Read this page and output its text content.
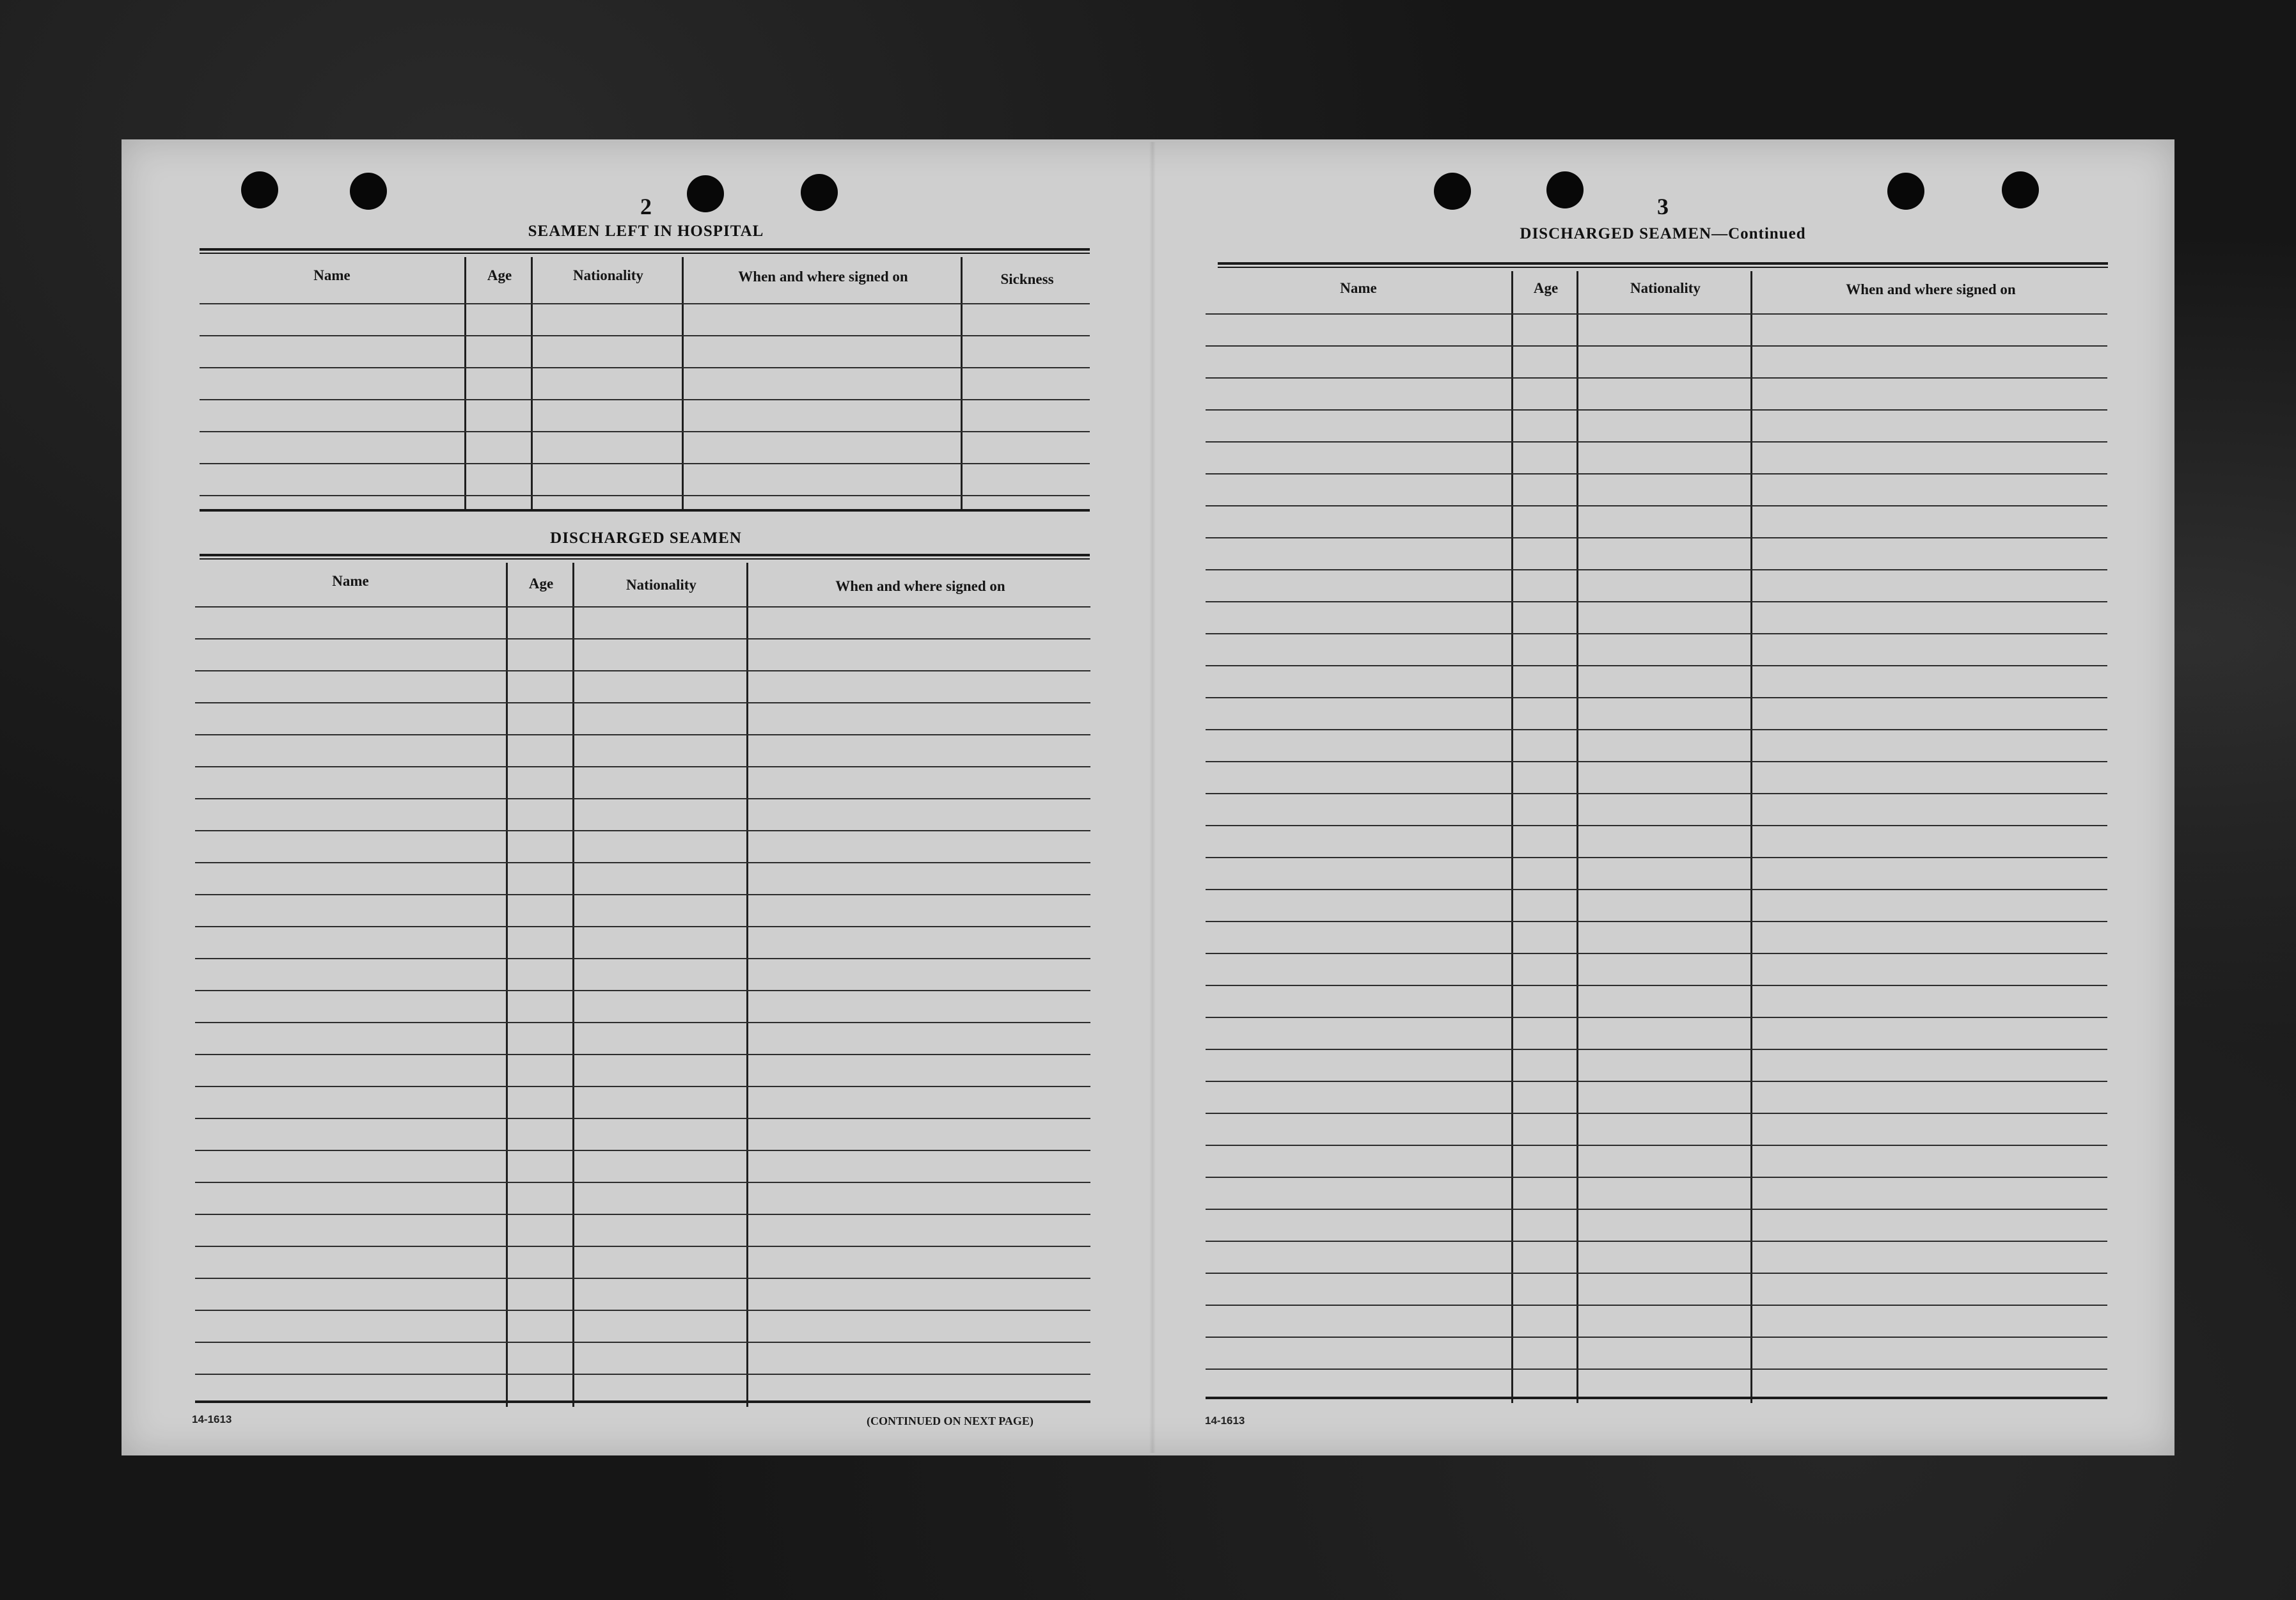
2
SEAMEN LEFT IN HOSPITAL
Name	Age	Nationality	When and where signed on	Sickness
DISCHARGED SEAMEN
Name	Age	Nationality	When and where signed on
14-1613	(CONTINUED ON NEXT PAGE)
3
DISCHARGED SEAMEN—Continued
Name	Age	Nationality	When and where signed on
14-1613
